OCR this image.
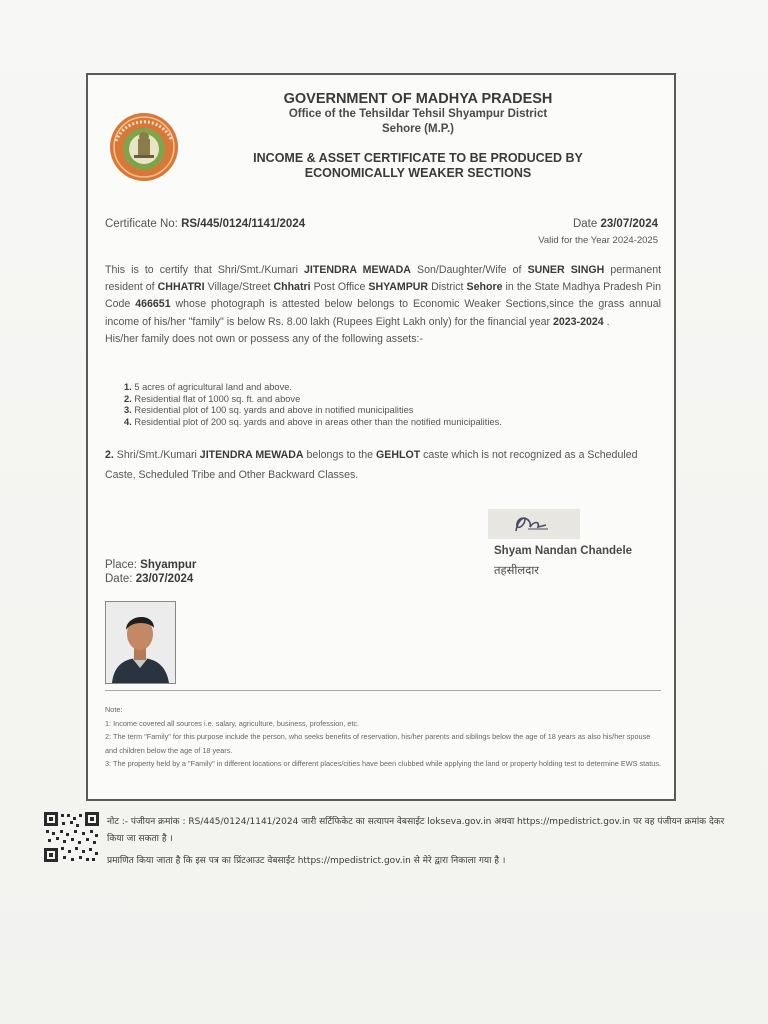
GOVERNMENT OF MADHYA PRADESH
Office of the Tehsildar Tehsil Shyampur District
Sehore (M.P.)
INCOME & ASSET CERTIFICATE TO BE PRODUCED BY
ECONOMICALLY WEAKER SECTIONS
Certificate No: RS/445/0124/1141/2024	Date 23/07/2024
Valid for the Year 2024-2025
This is to certify that Shri/Smt./Kumari JITENDRA MEWADA Son/Daughter/Wife of SUNER SINGH permanent resident of CHHATRI Village/Street Chhatri Post Office SHYAMPUR District Sehore in the State Madhya Pradesh Pin Code 466651 whose photograph is attested below belongs to Economic Weaker Sections,since the grass annual income of his/her "family" is below Rs. 8.00 lakh (Rupees Eight Lakh only) for the financial year 2023-2024 .
His/her family does not own or possess any of the following assets:-
1. 5 acres of agricultural land and above.
2. Residential flat of 1000 sq. ft. and above
3. Residential plot of 100 sq. yards and above in notified municipalities
4. Residential plot of 200 sq. yards and above in areas other than the notified municipalities.
2. Shri/Smt./Kumari JITENDRA MEWADA belongs to the GEHLOT caste which is not recognized as a Scheduled Caste, Scheduled Tribe and Other Backward Classes.
Shyam Nandan Chandele
तहसीलदार
Place: Shyampur
Date: 23/07/2024
Note:
1: Income covered all sources i.e. salary, agriculture, business, profession, etc.
2: The term "Family" for this purpose include the person, who seeks benefits of reservation, his/her parents and siblings below the age of 18 years as also his/her spouse and children below the age of 18 years.
3: The property held by a "Family" in different locations or different places/cities have been clubbed while applying the land or property holding test to determine EWS status.
नोट :- पंजीयन क्रमांक : RS/445/0124/1141/2024 जारी सर्टिफिकेट का सत्यापन वेबसाईट lokseva.gov.in अथवा https://mpedistrict.gov.in पर वह पंजीयन क्रमांक देकर किया जा सकता है ।
प्रमाणित किया जाता है कि इस पत्र का प्रिंटआउट वेबसाईट https://mpedistrict.gov.in से मेरे द्वारा निकाला गया है ।
